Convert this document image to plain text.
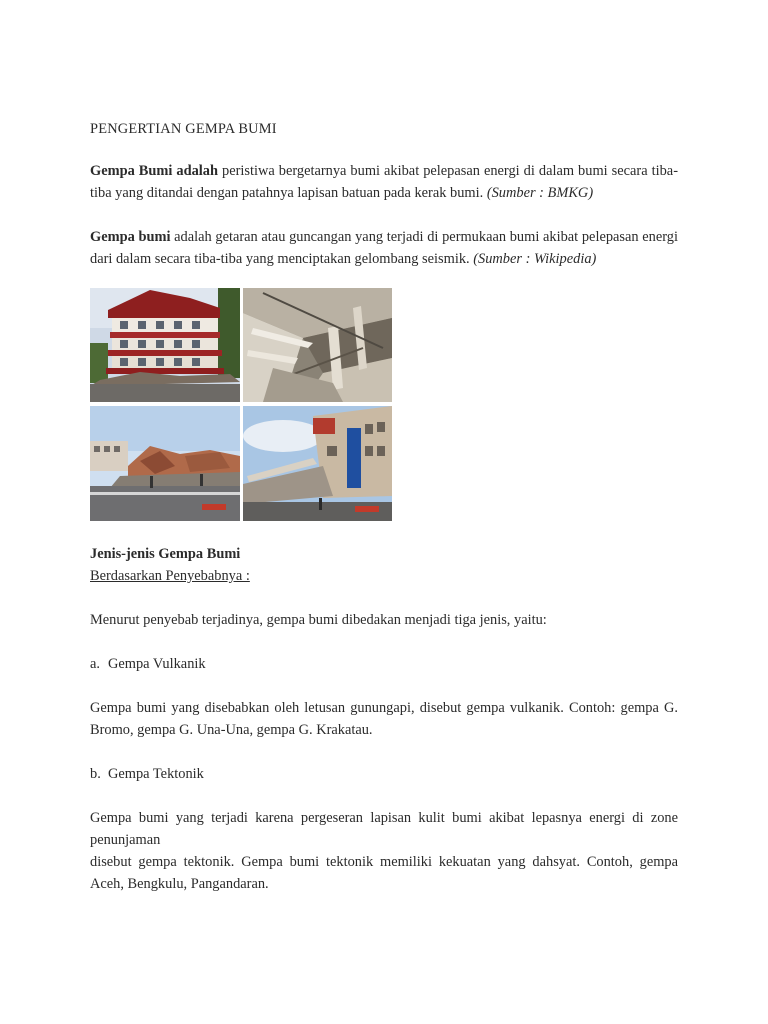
PENGERTIAN GEMPA BUMI

Gempa Bumi adalah peristiwa bergetarnya bumi akibat pelepasan energi di dalam bumi secara tiba-tiba yang ditandai dengan patahnya lapisan batuan pada kerak bumi. (Sumber : BMKG)

Gempa bumi adalah getaran atau guncangan yang terjadi di permukaan bumi akibat pelepasan energi dari dalam secara tiba-tiba yang menciptakan gelombang seismik. (Sumber : Wikipedia)

Jenis-jenis Gempa Bumi

Berdasarkan Penyebabnya :

Menurut penyebab terjadinya, gempa bumi dibedakan menjadi tiga jenis, yaitu:

a. Gempa Vulkanik

Gempa bumi yang disebabkan oleh letusan gunungapi, disebut gempa vulkanik. Contoh: gempa G. Bromo, gempa G. Una-Una, gempa G. Krakatau.

b. Gempa Tektonik

Gempa bumi yang terjadi karena pergeseran lapisan kulit bumi akibat lepasnya energi di zone penunjaman

disebut gempa tektonik. Gempa bumi tektonik memiliki kekuatan yang dahsyat. Contoh, gempa Aceh, Bengkulu, Pangandaran.
